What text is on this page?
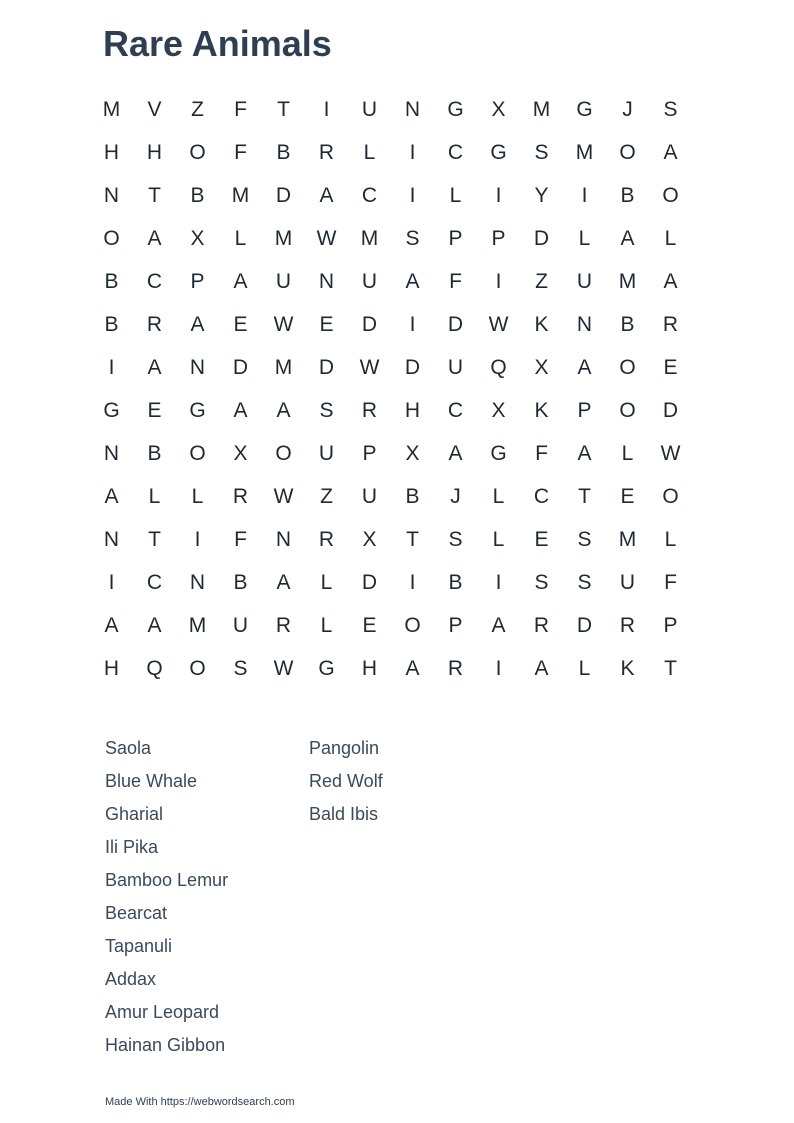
Rare Animals
M	V	Z	F	T	I	U	N	G	X	M	G	J	S
H	H	O	F	B	R	L	I	C	G	S	M	O	A
N	T	B	M	D	A	C	I	L	I	Y	I	B	O
O	A	X	L	M	W	M	S	P	P	D	L	A	L
B	C	P	A	U	N	U	A	F	I	Z	U	M	A
B	R	A	E	W	E	D	I	D	W	K	N	B	R
I	A	N	D	M	D	W	D	U	Q	X	A	O	E
G	E	G	A	A	S	R	H	C	X	K	P	O	D
N	B	O	X	O	U	P	X	A	G	F	A	L	W
A	L	L	R	W	Z	U	B	J	L	C	T	E	O
N	T	I	F	N	R	X	T	S	L	E	S	M	L
I	C	N	B	A	L	D	I	B	I	S	S	U	F
A	A	M	U	R	L	E	O	P	A	R	D	R	P
H	Q	O	S	W	G	H	A	R	I	A	L	K	T
Saola
Blue Whale
Gharial
Ili Pika
Bamboo Lemur
Bearcat
Tapanuli
Addax
Amur Leopard
Hainan Gibbon
Pangolin
Red Wolf
Bald Ibis
Made With https://webwordsearch.com
